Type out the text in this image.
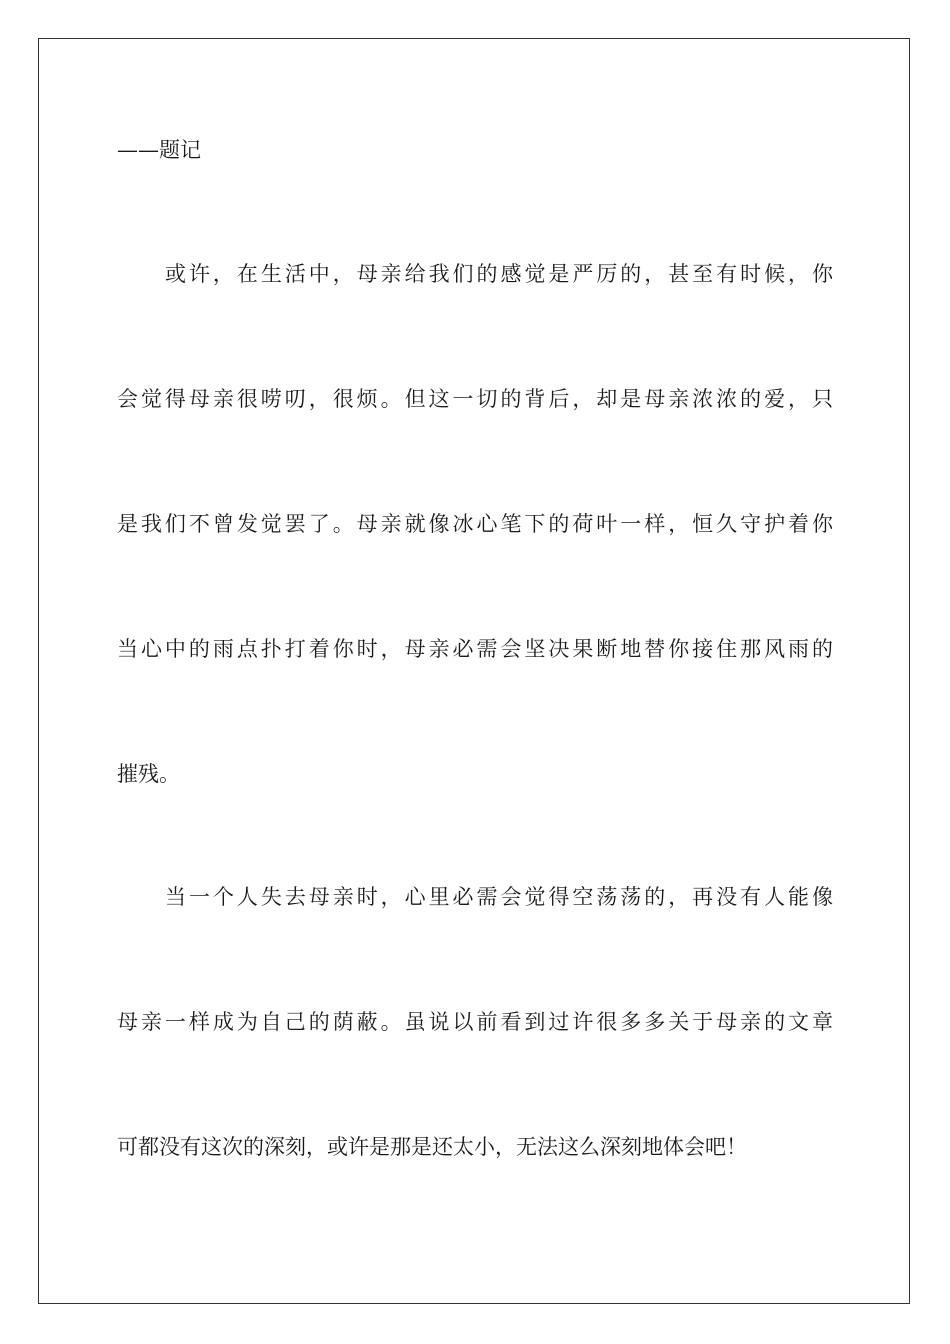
——题记
或许，在生活中，母亲给我们的感觉是严厉的，甚至有时候，你
会觉得母亲很唠叨，很烦。但这一切的背后，却是母亲浓浓的爱，只
是我们不曾发觉罢了。母亲就像冰心笔下的荷叶一样，恒久守护着你
当心中的雨点扑打着你时，母亲必需会坚决果断地替你接住那风雨的
摧残。
当一个人失去母亲时，心里必需会觉得空荡荡的，再没有人能像
母亲一样成为自己的荫蔽。虽说以前看到过许很多多关于母亲的文章
可都没有这次的深刻，或许是那是还太小，无法这么深刻地体会吧！
